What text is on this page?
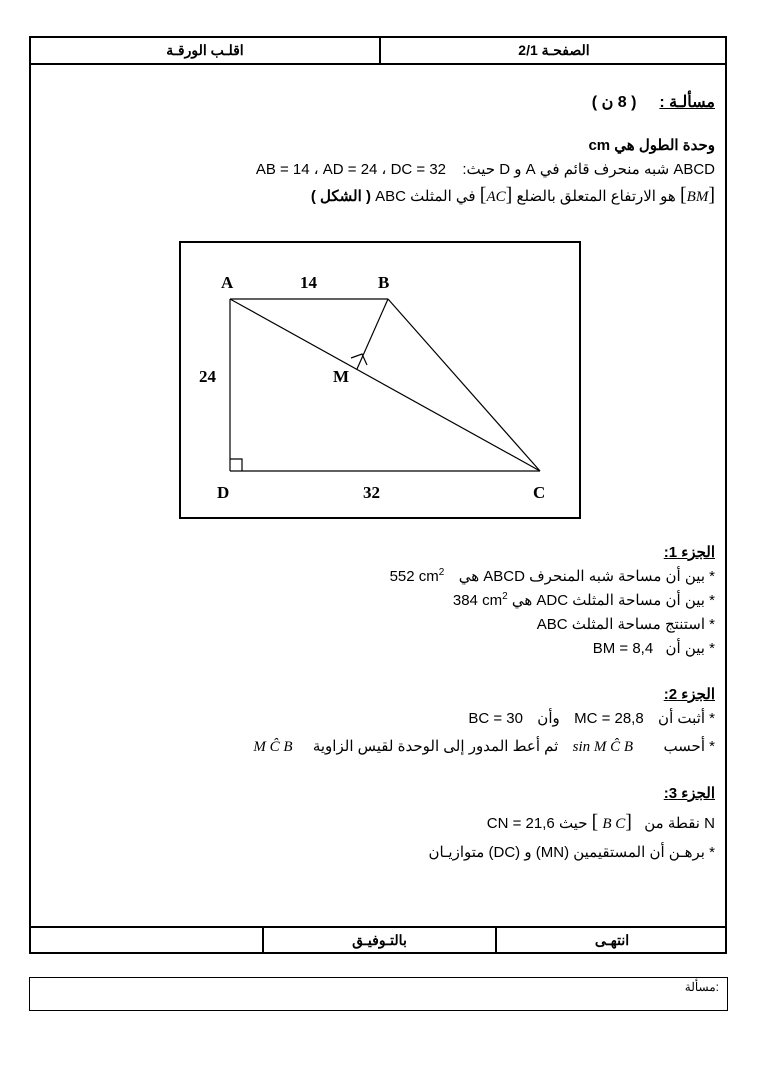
الصفحـة 2/1
اقلـب الورقـة
مسألـة :  ( 8 ن )
وحدة الطول هي cm
ABCD شبه منحرف قائم في A و D حيث:  AB = 14 ، AD = 24 ، DC = 32
[BM] هو الارتفاع المتعلق بالضلع [AC] في المثلث ABC ( الشكل )
A	B
C
D
M
14
24
32
الجزء 1:
* بين أن مساحة شبه المنحرف ABCD هي  552 $cm^2$
* بين أن مساحة المثلث ADC هي 384 $cm^2$
* استنتج مساحة المثلث ABC
* بين أن  BM = 8,4
الجزء 2:
* أثبت أن  MC = 28,8  وأن  BC = 30
* أحسب  sin M Ĉ B  ثم أعط المدور إلى الوحدة لقيس الزاوية  M Ĉ B
الجزء 3:
N نقطة من  [B C] حيث CN = 21,6
* برهـن أن المستقيمين (MN) و (DC) متوازيـان
انتهـى
بالتـوفيـق
مسألة:
